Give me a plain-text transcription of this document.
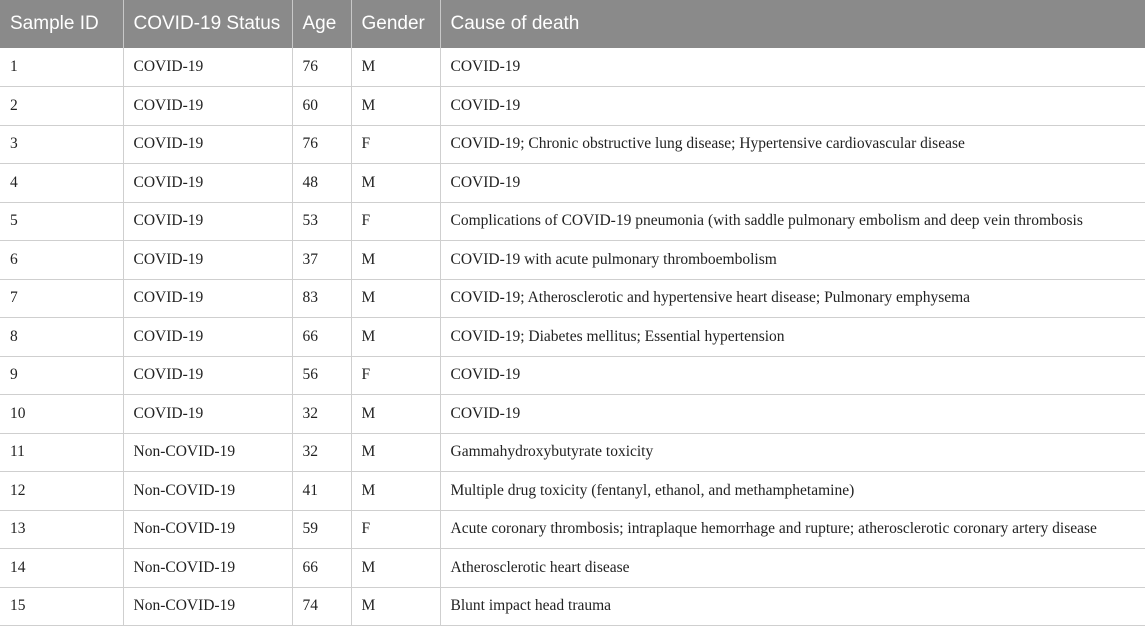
Sample ID	COVID-19 Status	Age	Gender	Cause of death
1	COVID-19	76	M	COVID-19
2	COVID-19	60	M	COVID-19
3	COVID-19	76	F	COVID-19; Chronic obstructive lung disease; Hypertensive cardiovascular disease
4	COVID-19	48	M	COVID-19
5	COVID-19	53	F	Complications of COVID-19 pneumonia (with saddle pulmonary embolism and deep vein thrombosis
6	COVID-19	37	M	COVID-19 with acute pulmonary thromboembolism
7	COVID-19	83	M	COVID-19; Atherosclerotic and hypertensive heart disease; Pulmonary emphysema
8	COVID-19	66	M	COVID-19; Diabetes mellitus; Essential hypertension
9	COVID-19	56	F	COVID-19
10	COVID-19	32	M	COVID-19
11	Non-COVID-19	32	M	Gammahydroxybutyrate toxicity
12	Non-COVID-19	41	M	Multiple drug toxicity (fentanyl, ethanol, and methamphetamine)
13	Non-COVID-19	59	F	Acute coronary thrombosis; intraplaque hemorrhage and rupture; atherosclerotic coronary artery disease
14	Non-COVID-19	66	M	Atherosclerotic heart disease
15	Non-COVID-19	74	M	Blunt impact head trauma
